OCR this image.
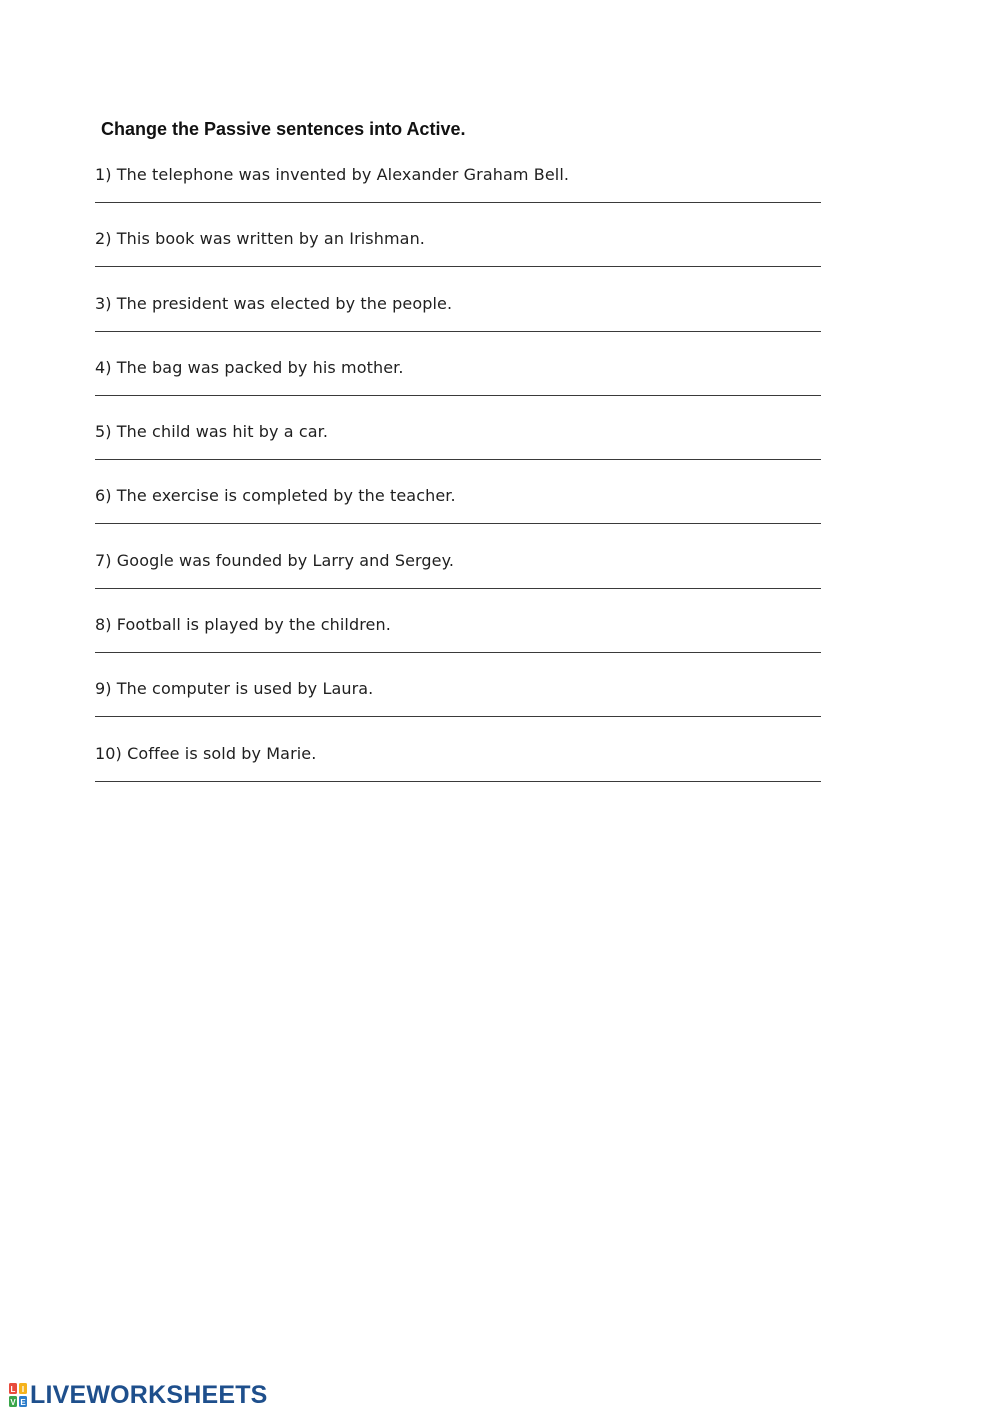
Change the Passive sentences into Active.
1) The telephone was invented by Alexander Graham Bell.
2) This book was written by an Irishman.
3) The president was elected by the people.
4) The bag was packed by his mother.
5) The child was hit by a car.
6) The exercise is completed by the teacher.
7) Google was founded by Larry and Sergey.
8) Football is played by the children.
9) The computer is used by Laura.
10) Coffee is sold by Marie.
L I
V E LIVEWORKSHEETS
